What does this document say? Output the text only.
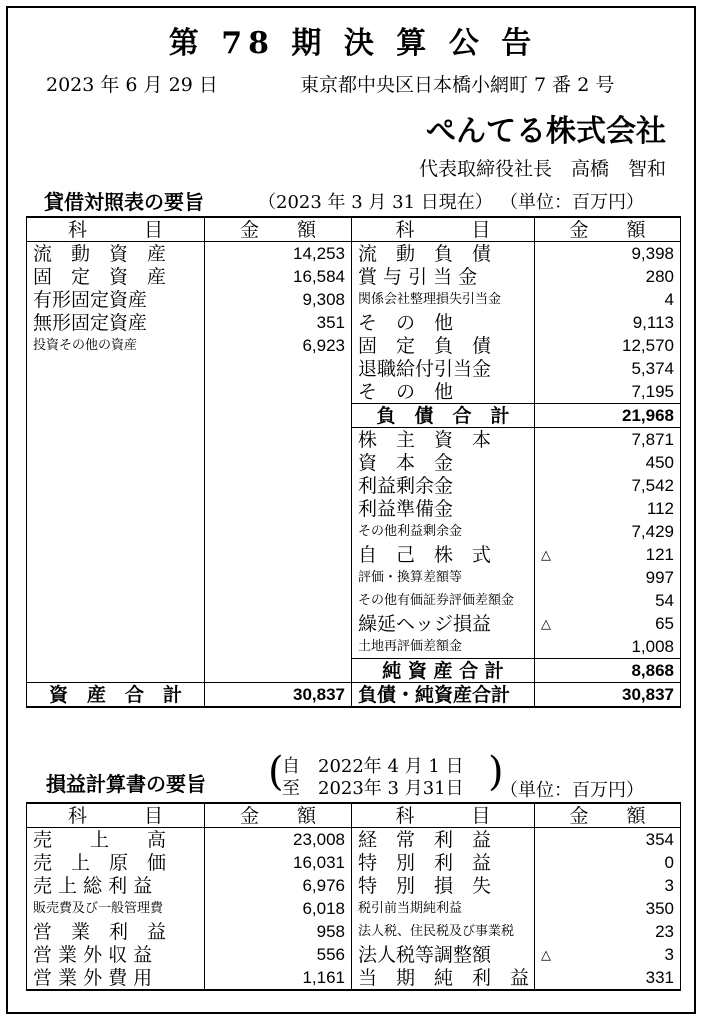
第 78 期 決 算 公 告
2023 年 6 月 29 日	東京都中央区日本橋小網町 7 番 2 号
ぺんてる株式会社
代表取締役社長　高橋　智和
貸借対照表の要旨	（2023 年 3 月 31 日現在） （単位：百万円）
科　　　目	金　　額	科　　　目	金　　額
流　動　資　産	14,253	流　動　負　債	9,398
固　定　資　産	16,584	賞 与 引 当 金	280
有形固定資産	9,308	関係会社整理損失引当金	4
無形固定資産	351	そ　の　他	9,113
投資その他の資産	6,923	固　定　負　債	12,570
		退職給付引当金	5,374
		そ　の　他	7,195
		負　債　合　計	21,968
		株　主　資　本	7,871
		資　本　金	450
		利益剰余金	7,542
		利益準備金	112
		その他利益剰余金	7,429
		自　己　株　式	△ 121
		評価・換算差額等	997
		その他有価証券評価差額金	54
		繰延ヘッジ損益	△ 65
		土地再評価差額金	1,008
		純 資 産 合 計	8,868
資　産　合　計	30,837	負債・純資産合計	30,837
損益計算書の要旨 (
自　2022年 4 月 1 日
至　2023年 3 月31日 )
（単位：百万円）
科　　　目	金　　額	科　　　目	金　　額
売　　上　　高	23,008	経　常　利　益	354
売　上　原　価	16,031	特　別　利　益	0
売 上 総 利 益	6,976	特　別　損　失	3
販売費及び一般管理費	6,018	税引前当期純利益	350
営　業　利　益	958	法人税、住民税及び事業税	23
営 業 外 収 益	556	法人税等調整額	△ 3
営 業 外 費 用	1,161	当　期　純　利　益	331
